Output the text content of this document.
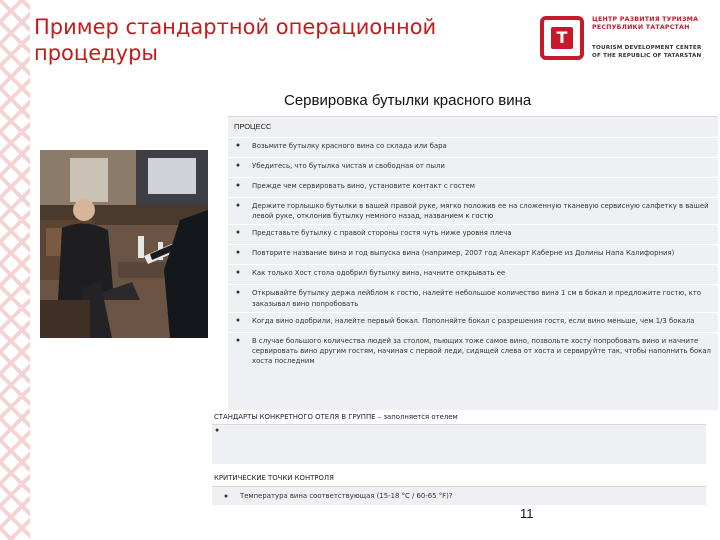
Пример стандартной операционной процедуры
T
ЦЕНТР РАЗВИТИЯ ТУРИЗМА РЕСПУБЛИКИ ТАТАРСТАН
TOURISM DEVELOPMENT CENTER OF THE REPUBLIC OF TATARSTAN
Сервировка бутылки красного вина
ПРОЦЕСС
●	Возьмите бутылку красного вина со склада или бара
●	Убедитесь, что бутылка чистая и свободная от пыли
●	Прежде чем сервировать вино, установите контакт с гостем
●	Держите горлышко бутылки в вашей правой руке, мягко положив ее на сложенную тканевую сервисную салфетку в вашей левой руке, отклонив бутылку немного назад, названием к гостю
●	Представьте бутылку с правой стороны гостя чуть ниже уровня плеча
●	Повторите название вина и год выпуска вина (например, 2007 год Апекарт Каберне из Долины Напа Калифорния)
●	Как только Хост стола одобрил бутылку вина, начните открывать ее
●	Открывайте бутылку держа лейблом к гостю, налейте небольшое количество вина 1 см в бокал и предложите гостю, кто заказывал вино попробовать
●	Когда вино одобрили, налейте первый бокал. Пополняйте бокал с разрешения гостя, если вино меньше, чем 1/3 бокала
●	В случае большого количества людей за столом, пьющих тоже самое вино, позвольте хосту попробовать вино и начните сервировать вино другим гостям, начиная с первой леди, сидящей слева от хоста и сервируйте так, чтобы наполнить бокал хоста последним
СТАНДАРТЫ КОНКРЕТНОГО ОТЕЛЯ В ГРУППЕ – заполняется отелем
●
КРИТИЧЕСКИЕ ТОЧКИ КОНТРОЛЯ
●	Температура вина соответствующая (15-18 °C / 60-65 °F)?
11
